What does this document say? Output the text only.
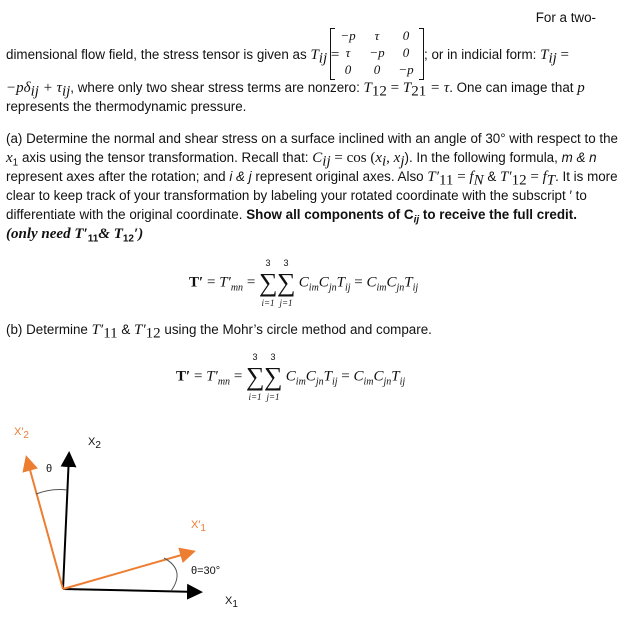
For a two-
dimensional flow field, the stress tensor is given as $T_{ij}$ =
−p	τ	0
τ	−p	0
0	0	−p
; or in indicial form: $T_{ij}$ =
$-p\delta_{ij} + \tau_{ij}$, where only two shear stress terms are nonzero: $T_{12} = T_{21} = \tau$. One can image that p
represents the thermodynamic pressure.
(a) Determine the normal and shear stress on a surface inclined with an angle of 30° with respect to the
$x_1$ axis using the tensor transformation. Recall that: $C_{ij} = \cos (x_i$, $x_j$). In the following formula, m & n
represent axes after the rotation; and i & j represent original axes. Also $T'_{11} = f_N$ & $T'_{12} = f_T$. It is more
clear to keep track of your transformation by labeling your rotated coordinate with the subscript ′ to
differentiate with the original coordinate. Show all components of $C_{ij}$ to receive the full credit.
(only need $T'_{11}\&$ $T_{12}'$)
$T' = T'_{mn}$ = ∑
3
i=1
∑
3
j=1
$C_{im}C_{jn}T_{ij} = C_{im}C_{jn}T_{ij}$
(b) Determine $T'_{11}$ & $T'_{12}$ using the Mohr’s circle method and compare.
$T' = T'_{mn}$ = ∑
3
i=1
∑
3
j=1
$C_{im}C_{jn}T_{ij} = C_{im}C_{jn}T_{ij}$
$X'_2$
$X_2$
θ
$X'_1$
θ=30°
$X_1$
